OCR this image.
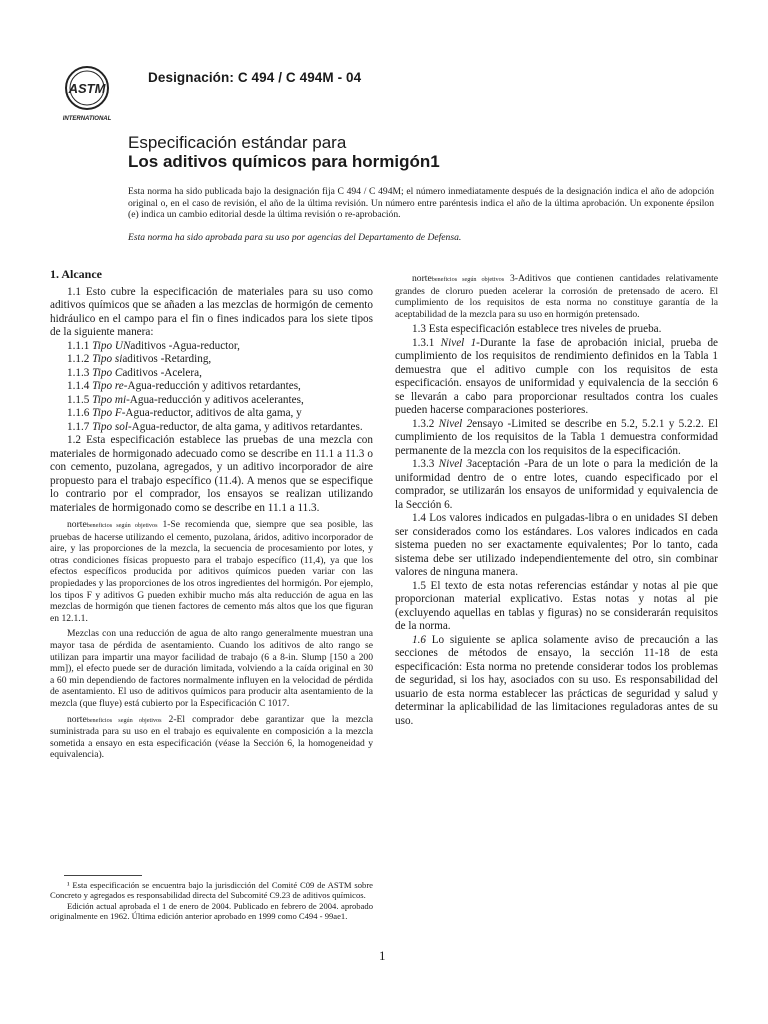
ASTM
INTERNATIONAL
Designación: C 494 / C 494M - 04
Especificación estándar para
Los aditivos químicos para hormigón1
Esta norma ha sido publicada bajo la designación fija C 494 / C 494M; el número inmediatamente después de la designación indica el año de adopción original o, en el caso de revisión, el año de la última revisión. Un número entre paréntesis indica el año de la última aprobación. Un exponente épsilon (e) indica un cambio editorial desde la última revisión o re-aprobación.
Esta norma ha sido aprobada para su uso por agencias del Departamento de Defensa.

1. Alcance

1.1 Esto cubre la especificación de materiales para su uso como aditivos químicos que se añaden a las mezclas de hormigón de cemento hidráulico en el campo para el fin o fines indicados para los siete tipos de la siguiente manera:

1.1.1 Tipo UNaditivos -Agua-reductor,

1.1.2 Tipo siaditivos -Retarding,

1.1.3 Tipo Caditivos -Acelera,

1.1.4 Tipo re-Agua-reducción y aditivos retardantes,

1.1.5 Tipo mi-Agua-reducción y aditivos acelerantes,

1.1.6 Tipo F-Agua-reductor, aditivos de alta gama, y

1.1.7 Tipo sol-Agua-reductor, de alta gama, y aditivos retardantes.

1.2 Esta especificación establece las pruebas de una mezcla con materiales de hormigonado adecuado como se describe en 11.1 a 11.3 o con cemento, puzolana, agregados, y un aditivo incorporador de aire propuesto para el trabajo específico (11.4). A menos que se especifique lo contrario por el comprador, los ensayos se realizan utilizando materiales de hormigonado como se describe en 11.1 a 11.3.

nortebeneficios según objetivos 1-Se recomienda que, siempre que sea posible, las pruebas de hacerse utilizando el cemento, puzolana, áridos, aditivo incorporador de aire, y las proporciones de la mezcla, la secuencia de procesamiento por lotes, y otras condiciones físicas propuesto para el trabajo específico (11,4), ya que los efectos específicos producida por aditivos químicos pueden variar con las propiedades y las proporciones de los otros ingredientes del hormigón. Por ejemplo, los tipos F y aditivos G pueden exhibir mucho más alta reducción de agua en las mezclas de hormigón que tienen factores de cemento más altos que los que figuran en 12.1.1.

Mezclas con una reducción de agua de alto rango generalmente muestran una mayor tasa de pérdida de asentamiento. Cuando los aditivos de alto rango se utilizan para impartir una mayor facilidad de trabajo (6 a 8-in. Slump [150 a 200 mm]), el efecto puede ser de duración limitada, volviendo a la caída original en 30 a 60 min dependiendo de factores normalmente influyen en la velocidad de pérdida de asentamiento. El uso de aditivos químicos para producir alta asentamiento de la mezcla (que fluye) está cubierto por la Especificación C 1017.

nortebeneficios según objetivos 2-El comprador debe garantizar que la mezcla suministrada para su uso en el trabajo es equivalente en composición a la mezcla sometida a ensayo en esta especificación (véase la Sección 6, la homogeneidad y equivalencia).

¹ Esta especificación se encuentra bajo la jurisdicción del Comité C09 de ASTM sobre Concreto y agregados es responsabilidad directa del Subcomité C9.23 de aditivos químicos.

Edición actual aprobada el 1 de enero de 2004. Publicado en febrero de 2004. aprobado originalmente en 1962. Última edición anterior aprobado en 1999 como C494 - 99ae1.

nortebeneficios según objetivos 3-Aditivos que contienen cantidades relativamente grandes de cloruro pueden acelerar la corrosión de pretensado de acero. El cumplimiento de los requisitos de esta norma no constituye garantía de la aceptabilidad de la mezcla para su uso en hormigón pretensado.

1.3 Esta especificación establece tres niveles de prueba.

1.3.1 Nivel 1-Durante la fase de aprobación inicial, prueba de cumplimiento de los requisitos de rendimiento definidos en la Tabla 1 demuestra que el aditivo cumple con los requisitos de esta especificación. ensayos de uniformidad y equivalencia de la sección 6 se llevarán a cabo para proporcionar resultados contra los cuales pueden hacerse comparaciones posteriores.

1.3.2 Nivel 2ensayo -Limited se describe en 5.2, 5.2.1 y 5.2.2. El cumplimiento de los requisitos de la Tabla 1 demuestra conformidad permanente de la mezcla con los requisitos de la especificación.

1.3.3 Nivel 3aceptación -Para de un lote o para la medición de la uniformidad dentro de o entre lotes, cuando especificado por el comprador, se utilizarán los ensayos de uniformidad y equivalencia de la Sección 6.

1.4 Los valores indicados en pulgadas-libra o en unidades SI deben ser considerados como los estándares. Los valores indicados en cada sistema pueden no ser exactamente equivalentes; Por lo tanto, cada sistema debe ser utilizado independientemente del otro, sin combinar valores de ninguna manera.

1.5 El texto de esta notas referencias estándar y notas al pie que proporcionan material explicativo. Estas notas y notas al pie (excluyendo aquellas en tablas y figuras) no se considerarán requisitos de la norma.

1.6 Lo siguiente se aplica solamente aviso de precaución a las secciones de métodos de ensayo, la sección 11-18 de esta especificación: Esta norma no pretende considerar todos los problemas de seguridad, si los hay, asociados con su uso. Es responsabilidad del usuario de esta norma establecer las prácticas de seguridad y salud y determinar la aplicabilidad de las limitaciones reguladoras antes de su uso.

1
